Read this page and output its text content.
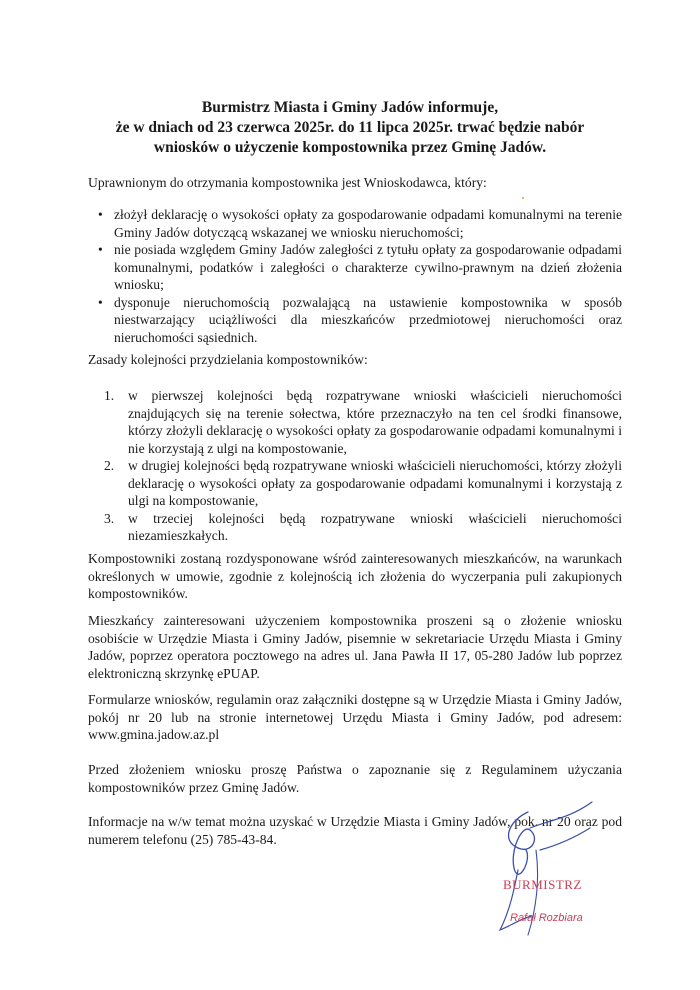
Burmistrz Miasta i Gminy Jadów informuje,
że w dniach od 23 czerwca 2025r. do 11 lipca 2025r. trwać będzie nabór
wniosków o użyczenie kompostownika przez Gminę Jadów.
Uprawnionym do otrzymania kompostownika jest Wnioskodawca, który:
• złożył deklarację o wysokości opłaty za gospodarowanie odpadami komunalnymi na terenie Gminy Jadów dotyczącą wskazanej we wniosku nieruchomości;
• nie posiada względem Gminy Jadów zaległości z tytułu opłaty za gospodarowanie odpadami komunalnymi, podatków i zaległości o charakterze cywilno-prawnym na dzień złożenia wniosku;
• dysponuje nieruchomością pozwalającą na ustawienie kompostownika w sposób niestwarzający uciążliwości dla mieszkańców przedmiotowej nieruchomości oraz nieruchomości sąsiednich.
Zasady kolejności przydzielania kompostowników:
1. w pierwszej kolejności będą rozpatrywane wnioski właścicieli nieruchomości znajdujących się na terenie sołectwa, które przeznaczyło na ten cel środki finansowe, którzy złożyli deklarację o wysokości opłaty za gospodarowanie odpadami komunalnymi i nie korzystają z ulgi na kompostowanie,
2. w drugiej kolejności będą rozpatrywane wnioski właścicieli nieruchomości, którzy złożyli deklarację o wysokości opłaty za gospodarowanie odpadami komunalnymi i korzystają z ulgi na kompostowanie,
3. w trzeciej kolejności będą rozpatrywane wnioski właścicieli nieruchomości niezamieszkałych.
Kompostowniki zostaną rozdysponowane wśród zainteresowanych mieszkańców, na warunkach określonych w umowie, zgodnie z kolejnością ich złożenia do wyczerpania puli zakupionych kompostowników.
Mieszkańcy zainteresowani użyczeniem kompostownika proszeni są o złożenie wniosku osobiście w Urzędzie Miasta i Gminy Jadów, pisemnie w sekretariacie Urzędu Miasta i Gminy Jadów, poprzez operatora pocztowego na adres ul. Jana Pawła II 17, 05-280 Jadów lub poprzez elektroniczną skrzynkę ePUAP.
Formularze wniosków, regulamin oraz załączniki dostępne są w Urzędzie Miasta i Gminy Jadów, pokój nr 20 lub na stronie internetowej Urzędu Miasta i Gminy Jadów, pod adresem: www.gmina.jadow.az.pl
Przed złożeniem wniosku proszę Państwa o zapoznanie się z Regulaminem użyczania kompostowników przez Gminę Jadów.
Informacje na w/w temat można uzyskać w Urzędzie Miasta i Gminy Jadów, pok. nr 20 oraz pod numerem telefonu (25) 785-43-84.
BURMISTRZ
Rafał Rozbiara
